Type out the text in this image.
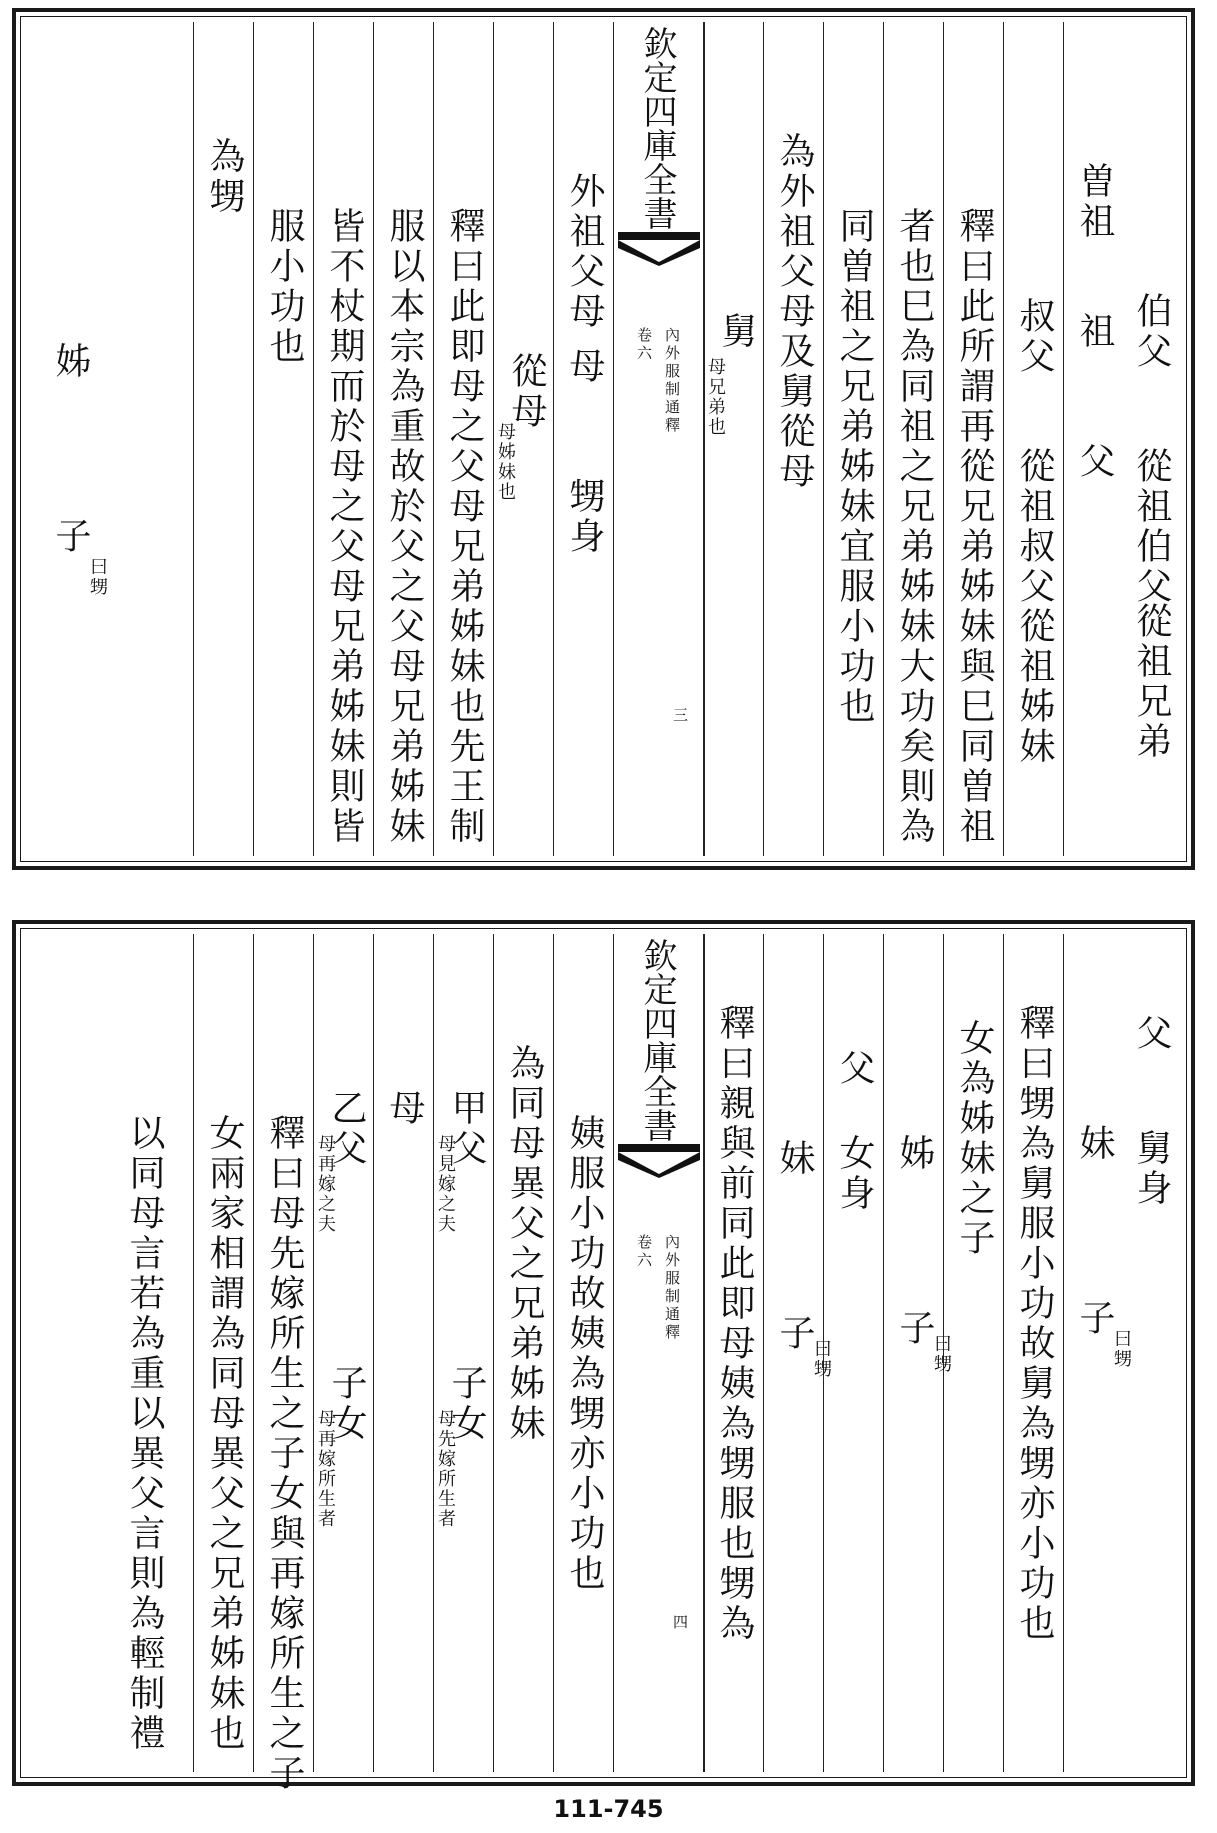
伯父
從祖伯父
從祖兄弟
曽祖
祖
父
叔父
從祖叔父
從祖姊妹
釋曰此所謂再從兄弟姊妹與巳同曽祖
者也巳為同祖之兄弟姊妹大功矣則為
同曽祖之兄弟姊妹宜服小功也
為外祖父母及舅從母
舅
母兄弟也
欽定四庫全書
內外服制通釋
卷六
三
外祖父母
母
甥身
從母
母姊妹也
釋曰此即母之父母兄弟姊妹也先王制
服以本宗為重故於父之父母兄弟姊妹
皆不杖期而於母之父母兄弟姊妹則皆
服小功也
為甥
姊
子
曰甥
父
舅身
妹
子
曰甥
釋曰甥為舅服小功故舅為甥亦小功也
女為姊妹之子
姊
子
曰甥
父
女身
妹
子
曰甥
釋曰親與前同此即母姨為甥服也甥為
欽定四庫全書
內外服制通釋
卷六
四
姨服小功故姨為甥亦小功也
為同母異父之兄弟姊妹
甲父
母見嫁之夫
子女
母先嫁所生者
母
乙父
母再嫁之夫
子女
母再嫁所生者
釋曰母先嫁所生之子女與再嫁所生之子
女兩家相謂為同母異父之兄弟姊妹也
以同母言若為重以異父言則為輕制禮
111-745
